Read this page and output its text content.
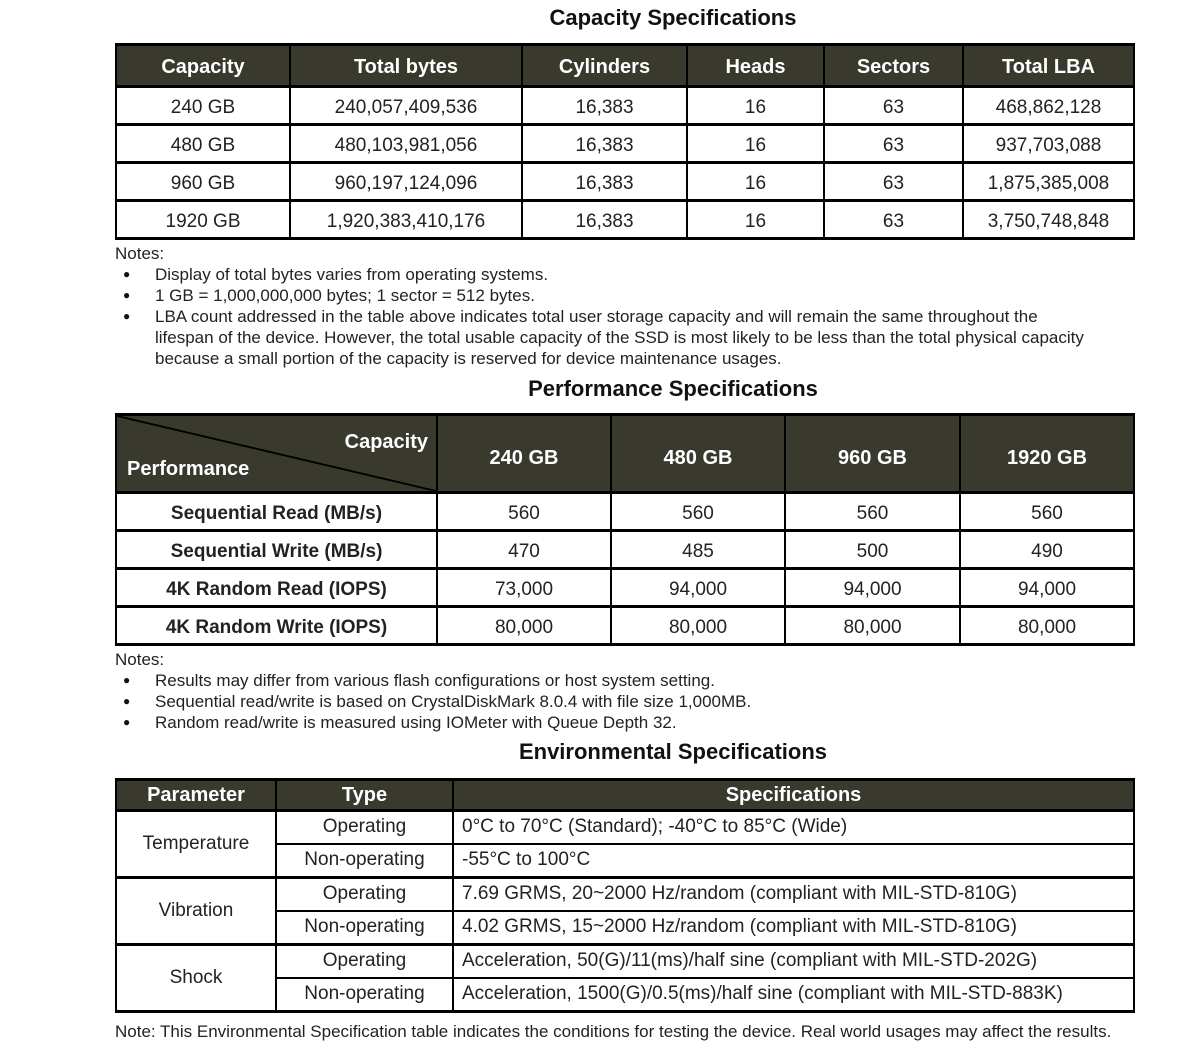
Capacity Specifications
Capacity	Total bytes	Cylinders	Heads	Sectors	Total LBA
240 GB	240,057,409,536	16,383	16	63	468,862,128
480 GB	480,103,981,056	16,383	16	63	937,703,088
960 GB	960,197,124,096	16,383	16	63	1,875,385,008
1920 GB	1,920,383,410,176	16,383	16	63	3,750,748,848
Notes:
●	Display of total bytes varies from operating systems.
●	1 GB = 1,000,000,000 bytes; 1 sector = 512 bytes.
●	LBA count addressed in the table above indicates total user storage capacity and will remain the same throughout the lifespan of the device. However, the total usable capacity of the SSD is most likely to be less than the total physical capacity because a small portion of the capacity is reserved for device maintenance usages.
Performance Specifications
Capacity
Performance	240 GB	480 GB	960 GB	1920 GB
Sequential Read (MB/s)	560	560	560	560
Sequential Write (MB/s)	470	485	500	490
4K Random Read (IOPS)	73,000	94,000	94,000	94,000
4K Random Write (IOPS)	80,000	80,000	80,000	80,000
Notes:
●	Results may differ from various flash configurations or host system setting.
●	Sequential read/write is based on CrystalDiskMark 8.0.4 with file size 1,000MB.
●	Random read/write is measured using IOMeter with Queue Depth 32.
Environmental Specifications
Parameter	Type	Specifications
Temperature	Operating	0°C to 70°C (Standard); -40°C to 85°C (Wide)
	Non-operating	-55°C to 100°C
Vibration	Operating	7.69 GRMS, 20~2000 Hz/random (compliant with MIL-STD-810G)
	Non-operating	4.02 GRMS, 15~2000 Hz/random (compliant with MIL-STD-810G)
Shock	Operating	Acceleration, 50(G)/11(ms)/half sine (compliant with MIL-STD-202G)
	Non-operating	Acceleration, 1500(G)/0.5(ms)/half sine (compliant with MIL-STD-883K)
Note: This Environmental Specification table indicates the conditions for testing the device. Real world usages may affect the results.
